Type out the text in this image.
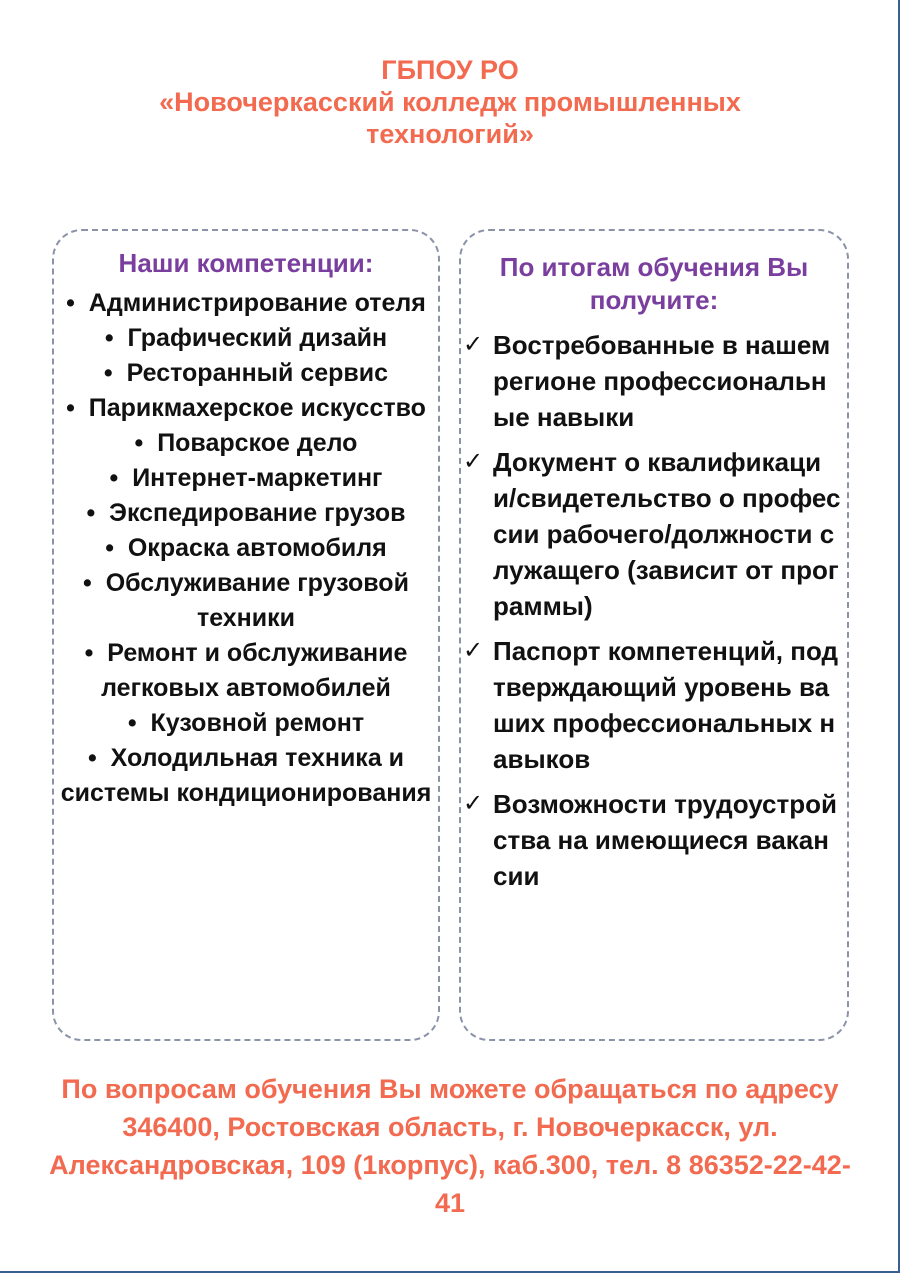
ГБПОУ РО
«Новочеркасский колледж промышленных технологий»
Наши компетенции:
•  Администрирование отеля
•  Графический дизайн
•  Ресторанный сервис
•  Парикмахерское искусство
•  Поварское дело
•  Интернет-маркетинг
•  Экспедирование грузов
•  Окраска автомобиля
•  Обслуживание грузовой техники
•  Ремонт и обслуживание легковых автомобилей
•  Кузовной ремонт
•  Холодильная техника и системы кондиционирования
По итогам обучения Вы получите:
✓ Востребованные в нашем регионе профессиональные навыки
✓ Документ о квалификации/свидетельство о профессии рабочего/должности служащего (зависит от программы)
✓ Паспорт компетенций, подтверждающий уровень ваших профессиональных навыков
✓ Возможности трудоустройства на имеющиеся вакансии
По вопросам обучения Вы можете обращаться по адресу 346400, Ростовская область, г. Новочеркасск, ул. Александровская, 109 (1корпус), каб.300, тел. 8 86352-22-42-41
